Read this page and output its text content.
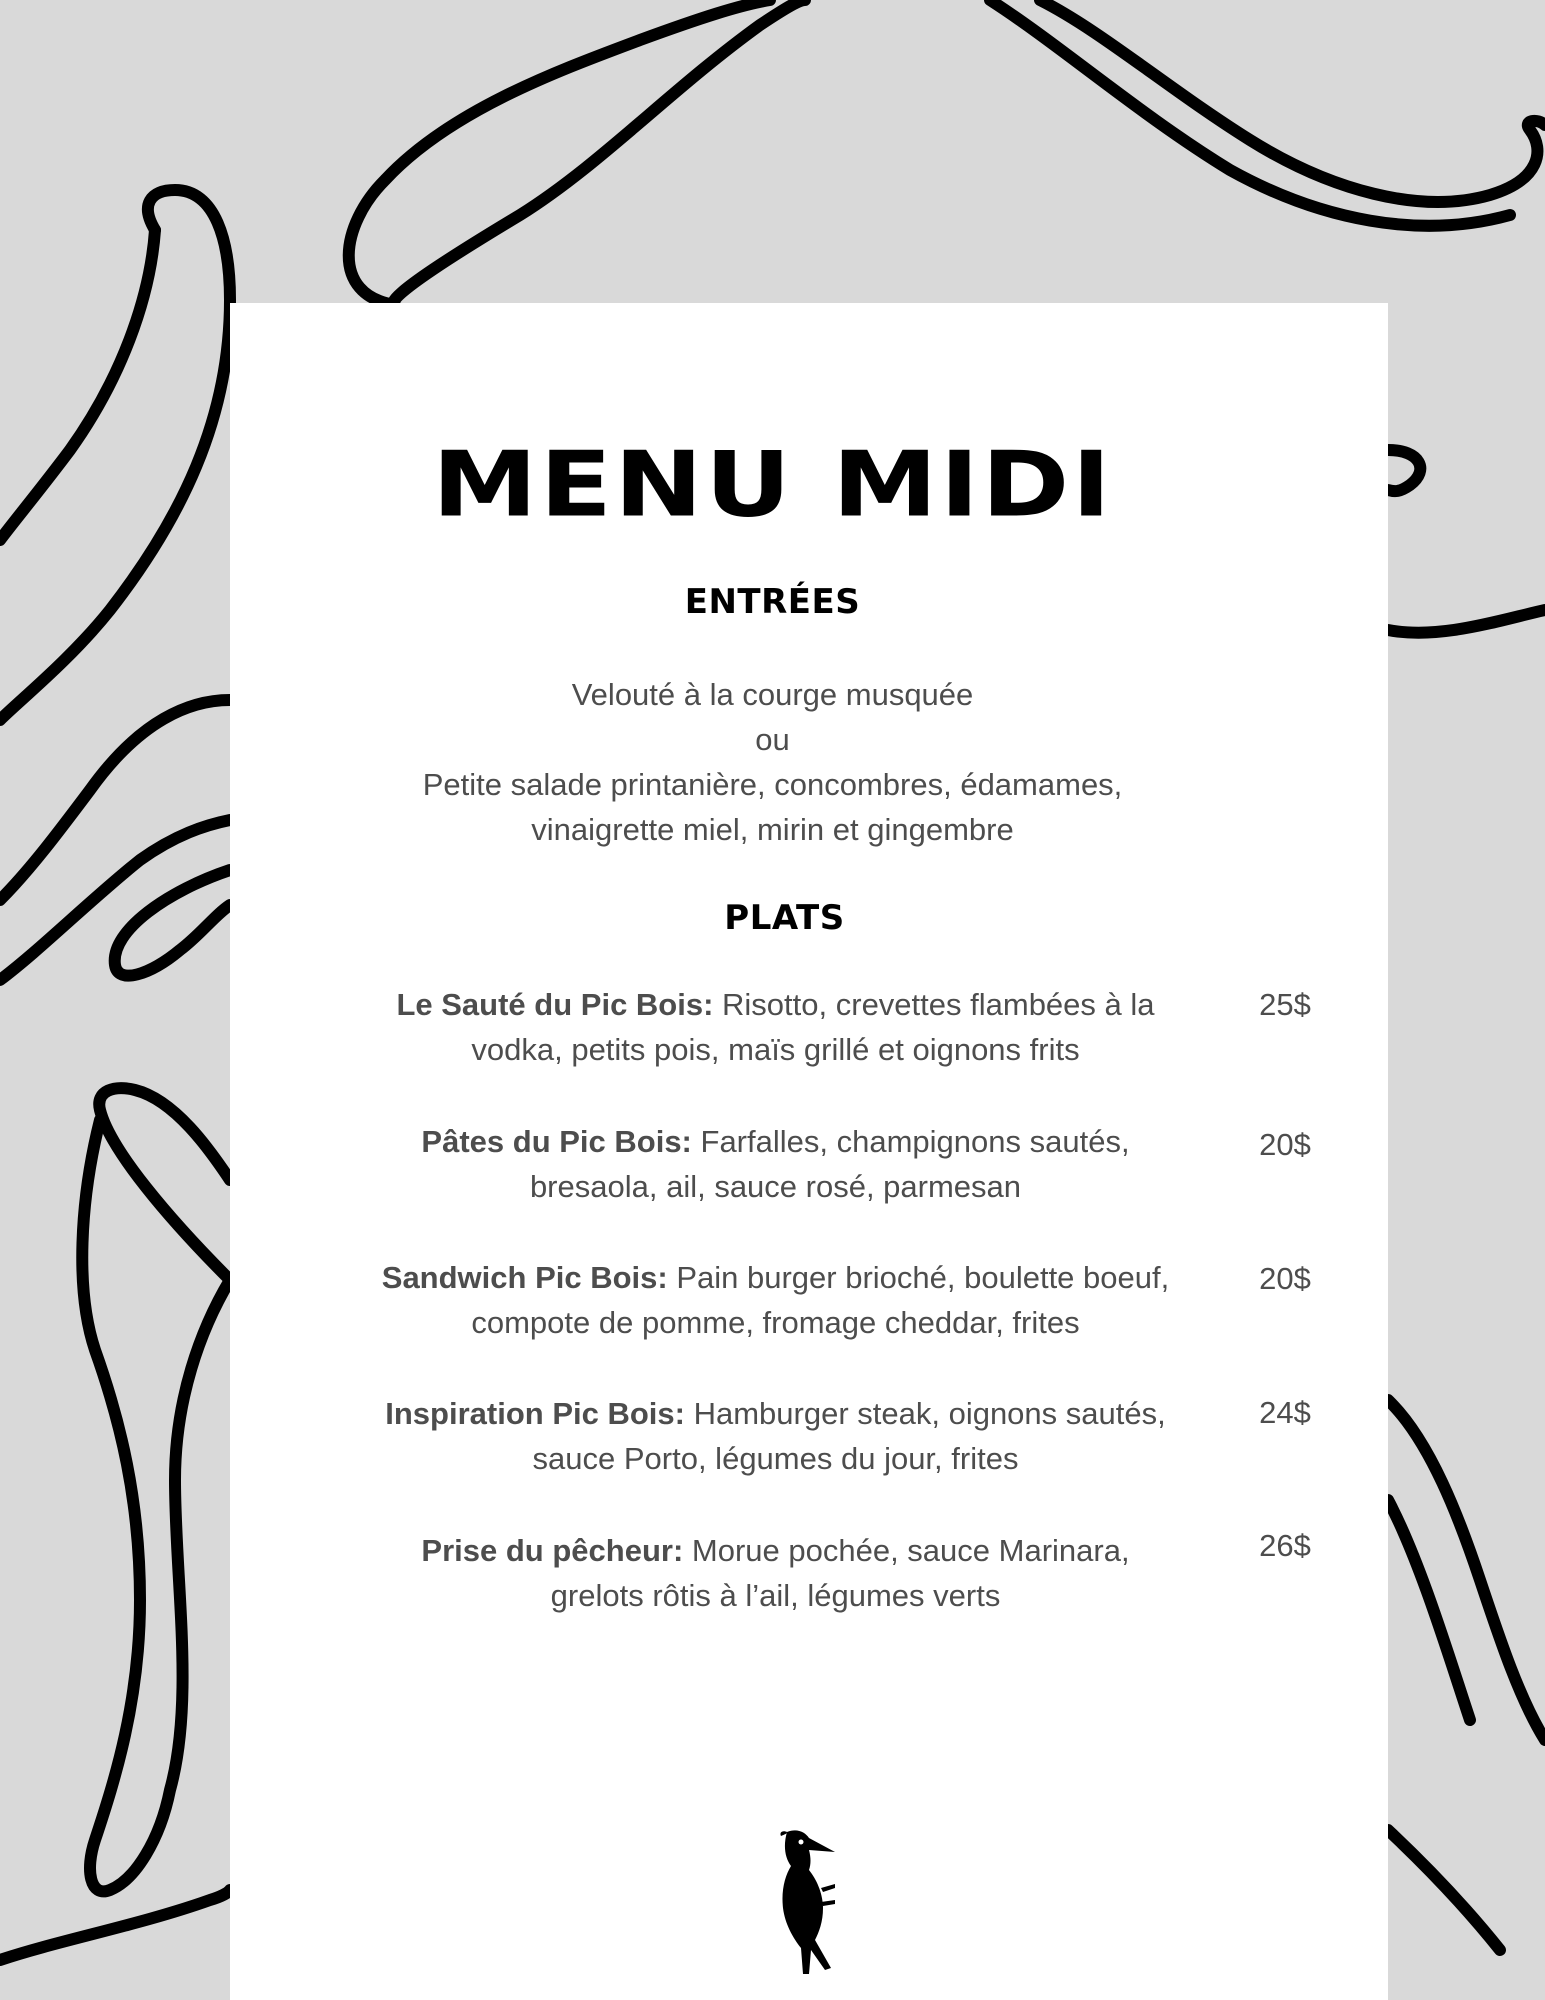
MENU MIDI
ENTRÉES
Velouté à la courge musquée
ou
Petite salade printanière, concombres, édamames,
vinaigrette miel, mirin et gingembre
PLATS
Le Sauté du Pic Bois: Risotto, crevettes flambées à la
vodka, petits pois, maïs grillé et oignons frits
25$
Pâtes du Pic Bois: Farfalles, champignons sautés,
bresaola, ail, sauce rosé, parmesan
20$
Sandwich Pic Bois: Pain burger brioché, boulette boeuf,
compote de pomme, fromage cheddar, frites
20$
Inspiration Pic Bois: Hamburger steak, oignons sautés,
sauce Porto, légumes du jour, frites
24$
Prise du pêcheur: Morue pochée, sauce Marinara,
grelots rôtis à l’ail, légumes verts
26$
